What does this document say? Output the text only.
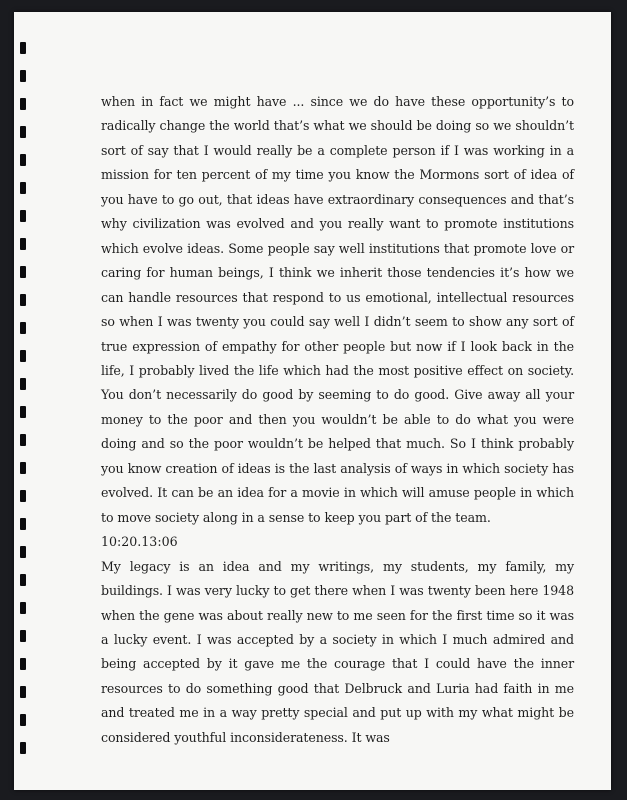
when in fact we might have ... since we do have these opportunity’s to radically change the world that’s what we should be doing so we shouldn’t sort of say that I would really be a complete person if I was working in a mission for ten percent of my time you know the Mormons sort of idea of you have to go out, that ideas have extraordinary consequences and that’s why civilization was evolved and you really want to promote institutions which evolve ideas. Some people say well institutions that promote love or caring for human beings, I think we inherit those tendencies it’s how we can handle resources that respond to us emotional, intellectual resources so when I was twenty you could say well I didn’t seem to show any sort of true expression of empathy for other people but now if I look back in the life, I probably lived the life which had the most positive effect on society. You don’t necessarily do good by seeming to do good. Give away all your money to the poor and then you wouldn’t be able to do what you were doing and so the poor wouldn’t be helped that much. So I think probably you know creation of ideas is the last analysis of ways in which society has evolved. It can be an idea for a movie in which will amuse people in which to move society along in a sense to keep you part of the team.

10:20.13:06

My legacy is an idea and my writings, my students, my family, my buildings. I was very lucky to get there when I was twenty been here 1948 when the gene was about really new to me seen for the first time so it was a lucky event. I was accepted by a society in which I much admired and being accepted by it gave me the courage that I could have the inner resources to do something good that Delbruck and Luria had faith in me and treated me in a way pretty special and put up with my what might be considered youthful inconsiderateness. It was
